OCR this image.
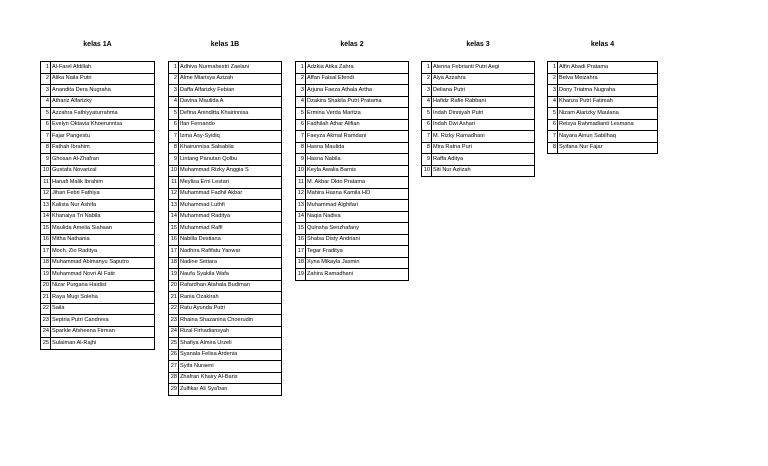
kelas 1A
1	Al-Farel Afdillah
2	Alika Naila Putri
3	Anandita Dera Nugraha
4	Athariz Alfarizky
5	Azzahra Fathiyyaturrahma
6	Evelyn Oktavia Khoerunnisa
7	Fajar Pangestu
8	Fathah Ibrahim
9	Ghosan Al-Zhafran
10	Gustafa Novarizal
11	Hanafi Malik Ibrahim
12	Jihan Febri Fathiya
13	Kalista Nur Ashifa
14	Khanaiya Tri Nabila
15	Maulida Amelia Siahaan
16	Mitha Nathania
17	Moch. Zio Raditya
18	Muhammad Abimanyu Saputro
19	Muhammad Novri Al Fatir
20	Nizar Purgana Haidist
21	Raya Mugi Soleha
22	Saila
23	Septria Putri Candreva
24	Sparkle Afsheena Firman
25	Sulaiman Al-Rajhi
kelas 1B
1	Adhiva Nurmahestri Zaelani
2	Alme Miarisya Azizah
3	Daffa Alfarizky Febian
4	Davina Maulida A
5	Defina Aninditta Khairinnisa
6	Ifan Fernando
7	Izma Asy-Syidiq
8	Khairunnisa Salsabila
9	Lintang Panutan Qolbu
10	Muhammad Rizky Anggia S
11	Meylisa Erni Lestari
12	Muhammad Fadhil Akbar
13	Muhammad Luthfi
14	Muhammad Raditya
15	Muhammad Raffi
16	Nabilla Destiana
17	Nadhira Rafifatu Yanwar
18	Nadine Setiara
19	Naufa Syakila Wafa
20	Rafardhan Atahala Budiman
21	Rania Ozakirah
22	Ratu Ayunda Putri
23	Rhaina Shazanina Choerudin
24	Rizal Firhadiansyah
25	Shafiya Almira Urzeli
26	Syanala Felisa Ardenia
27	Syifa Nuraeni
28	Zhafran Khairy Al-Baris
29	Zulfikar Ali Sya'ban
kelas 2
1	Adzkia Atika Zahra
2	Affan Faisal Efendi
3	Arjuna Faeza Athala Artha
4	Dzakira Shakila Putri Pratama
5	Ermina Verda Maritza
6	Fadhilah Athar Alifian
7	Faeyza Akmal Ramdani
8	Hasna Maulida
9	Hasna Nabila
10	Keyla Awalia Barnis
11	M. Akbar Okto Pratama
12	Mahira Hasna Kamila HD
13	Muhammad Alghifari
14	Naqia Nadiva
15	Quinsha Senzhafany
16	Shalsa Disty Andriani
17	Tegar Fraditya
18	Xyna Mikayla Jasmin
19	Zahira Ramadhani
kelas 3
1	Alenna Febrianti Putri Aegi
2	Alya Azzahra
3	Deliana Putri
4	Hafidz Rafie Rabbani
5	Indah Dinniyah Putri
6	Indah Dwi Ashari
7	M. Rizky Ramadhani
8	Mira Ratna Puri
9	Raffa Aditya
10	Siti Nur Aziizah
kelas 4
1	Alfin Abadi Pratama
2	Belva Meizahra
3	Dony Triatma Nugraha
4	Khanza Putri Fatimah
5	Nizam Alarizky Maulana
6	Reisya Rahmadianti Lesmana
7	Nayara Ainun Sabilhaq
8	Syifana Nur Fajar
